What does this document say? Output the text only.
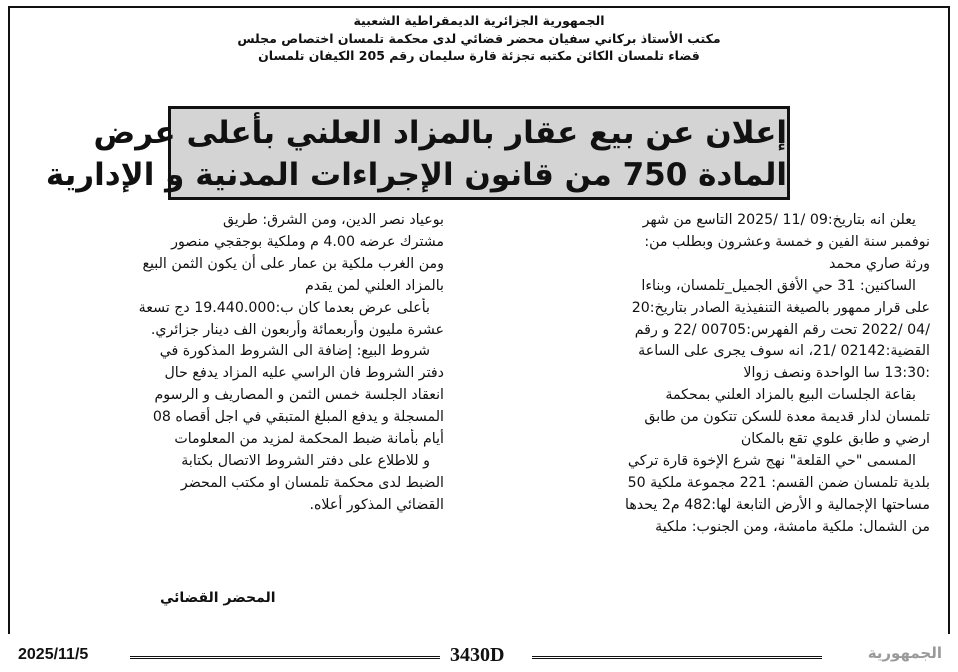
الجمهورية الجزائرية الديمقراطية الشعبية
مكتب الأستاذ بركاني سفيان محضر قضائي لدى محكمة تلمسان اختصاص مجلس
قضاء تلمسان الكائن مكتبه تجزئة قارة سليمان رقم 205 الكيفان تلمسان
إعلان عن بيع عقار بالمزاد العلني بأعلى عرض
المادة 750 من قانون الإجراءات المدنية و الإدارية

يعلن انه بتاريخ:09 /11 /2025 التاسع من شهر

نوفمبر سنة الفين و خمسة وعشرون وبطلب من:

ورثة صاري محمد

الساكنين: 31 حي الأفق الجميل_تلمسان، وبناءا

على قرار ممهور بالصيغة التنفيذية الصادر بتاريخ:20

/04 /2022 تحت رقم الفهرس:00705 /22 و رقم

القضية:02142 /21، انه سوف يجرى على الساعة

:13:30 سا الواحدة ونصف زوالا

بقاعة الجلسات البيع بالمزاد العلني بمحكمة

تلمسان لدار قديمة معدة للسكن تتكون من طابق

ارضي و طابق علوي تقع بالمكان

المسمى "حي القلعة" نهج شرع الإخوة قارة تركي

بلدية تلمسان ضمن القسم: 221 مجموعة ملكية 50

مساحتها الإجمالية و الأرض التابعة لها:482 م2 يحدها

من الشمال: ملكية مامشة، ومن الجنوب: ملكية

بوعياد نصر الدين، ومن الشرق: طريق

مشترك عرضه 4.00 م وملكية بوجقجي منصور

ومن الغرب ملكية بن عمار على أن يكون الثمن البيع

بالمزاد العلني لمن يقدم

بأعلى عرض بعدما كان ب:19.440.000 دج تسعة

عشرة مليون وأربعمائة وأربعون الف دينار جزائري.

شروط البيع: إضافة الى الشروط المذكورة في

دفتر الشروط فان الراسي عليه المزاد يدفع حال

انعقاد الجلسة خمس الثمن و المصاريف و الرسوم

المسجلة و يدفع المبلغ المتبقي في اجل أقصاه 08

أيام بأمانة ضبط المحكمة لمزيد من المعلومات

و للاطلاع على دفتر الشروط الاتصال بكتابة

الضبط لدى محكمة تلمسان او مكتب المحضر

القضائي المذكور أعلاه.

المحضر القضائي
2025/11/5	3430D	الجمهورية
